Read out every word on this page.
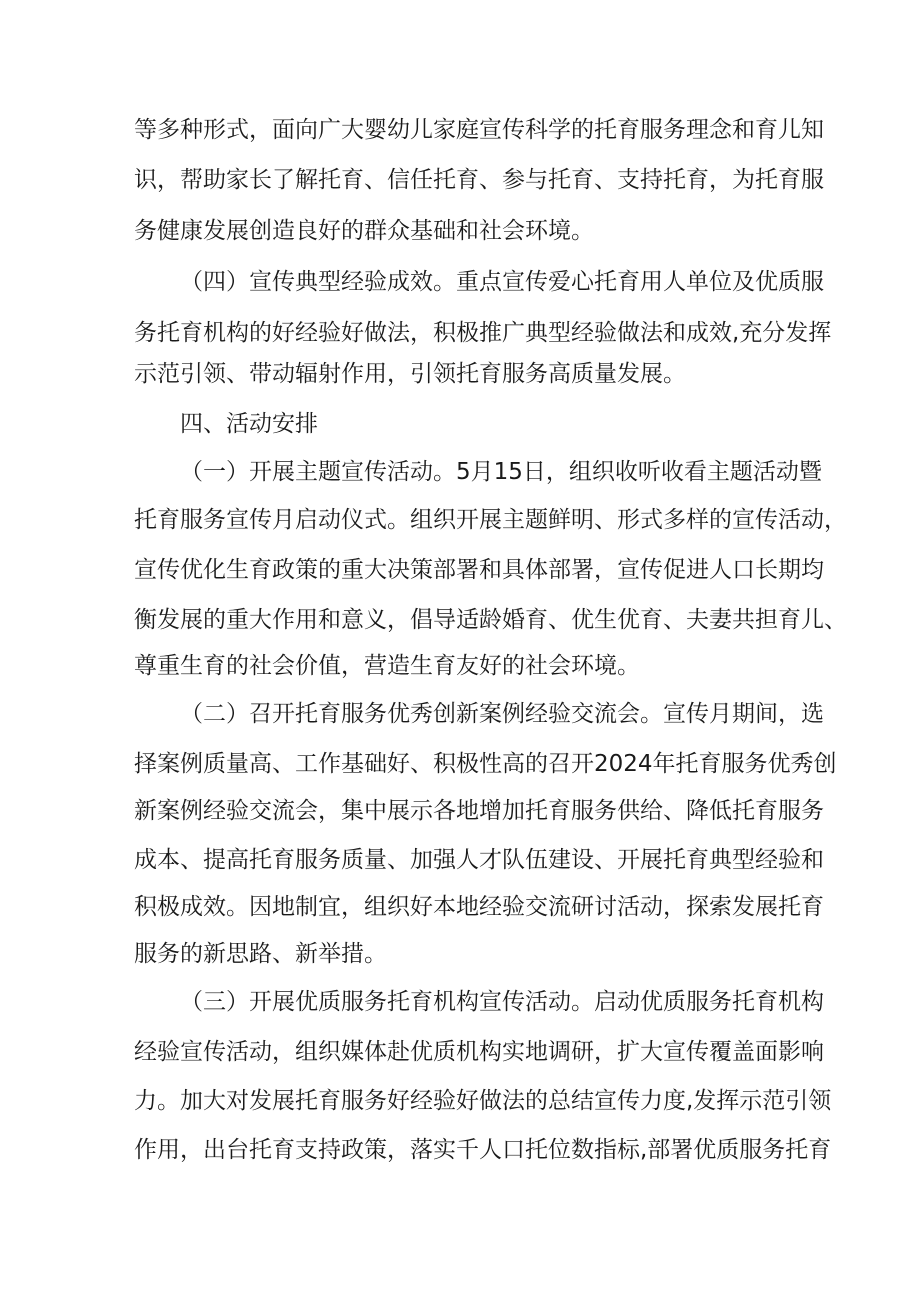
等多种形式，面向广大婴幼儿家庭宣传科学的托育服务理念和育儿知
识，帮助家长了解托育、信任托育、参与托育、支持托育，为托育服
务健康发展创造良好的群众基础和社会环境。
（四）宣传典型经验成效。重点宣传爱心托育用人单位及优质服
务托育机构的好经验好做法，积极推广典型经验做法和成效,充分发挥
示范引领、带动辐射作用，引领托育服务高质量发展。
四、活动安排
（一）开展主题宣传活动。5月15日，组织收听收看主题活动暨
托育服务宣传月启动仪式。组织开展主题鲜明、形式多样的宣传活动，
宣传优化生育政策的重大决策部署和具体部署，宣传促进人口长期均
衡发展的重大作用和意义，倡导适龄婚育、优生优育、夫妻共担育儿、
尊重生育的社会价值，营造生育友好的社会环境。
（二）召开托育服务优秀创新案例经验交流会。宣传月期间，选
择案例质量高、工作基础好、积极性高的召开2024年托育服务优秀创
新案例经验交流会，集中展示各地增加托育服务供给、降低托育服务
成本、提高托育服务质量、加强人才队伍建设、开展托育典型经验和
积极成效。因地制宜，组织好本地经验交流研讨活动，探索发展托育
服务的新思路、新举措。
（三）开展优质服务托育机构宣传活动。启动优质服务托育机构
经验宣传活动，组织媒体赴优质机构实地调研，扩大宣传覆盖面影响
力。加大对发展托育服务好经验好做法的总结宣传力度,发挥示范引领
作用，出台托育支持政策，落实千人口托位数指标,部署优质服务托育
